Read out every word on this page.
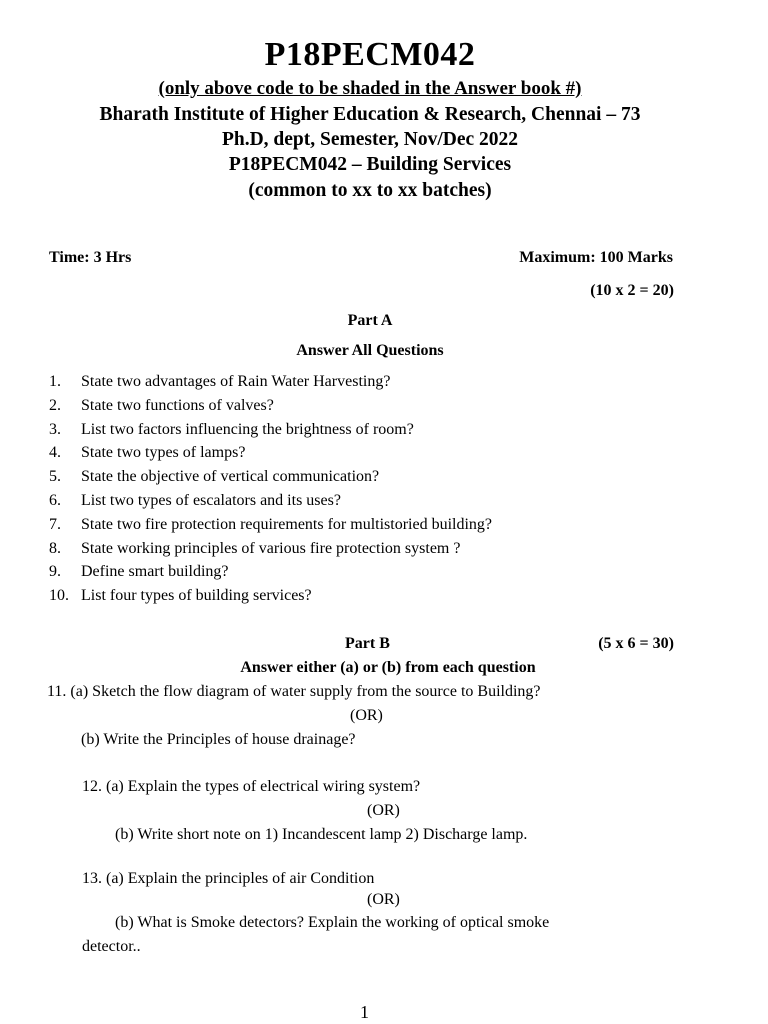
P18PECM042
(only above code to be shaded in the Answer book #)
Bharath Institute of Higher Education & Research, Chennai – 73
Ph.D, dept, Semester, Nov/Dec 2022
P18PECM042 – Building Services
(common to xx to xx batches)
Time: 3 Hrs	Maximum: 100 Marks
(10 x 2 = 20)
Part A
Answer All Questions
1.	State two advantages of Rain Water Harvesting?
2.	State two functions of valves?
3.	List two factors influencing the brightness of room?
4.	State two types of lamps?
5.	State the objective of vertical communication?
6.	List two types of escalators and its uses?
7.	State two fire protection requirements for multistoried building?
8.	State working principles of various fire protection system ?
9.	Define smart building?
10. List four types of building services?
Part B	(5 x 6 = 30)
Answer either (a) or (b) from each question
11. (a) Sketch the flow diagram of water supply from the source to Building?
(OR)
(b) Write the Principles of house drainage?
12. (a) Explain the types of electrical wiring system?
(OR)
(b) Write short note on 1) Incandescent lamp 2) Discharge lamp.
13. (a) Explain the principles of air Condition
(OR)
(b) What is Smoke detectors? Explain the working of optical smoke
detector..
1
